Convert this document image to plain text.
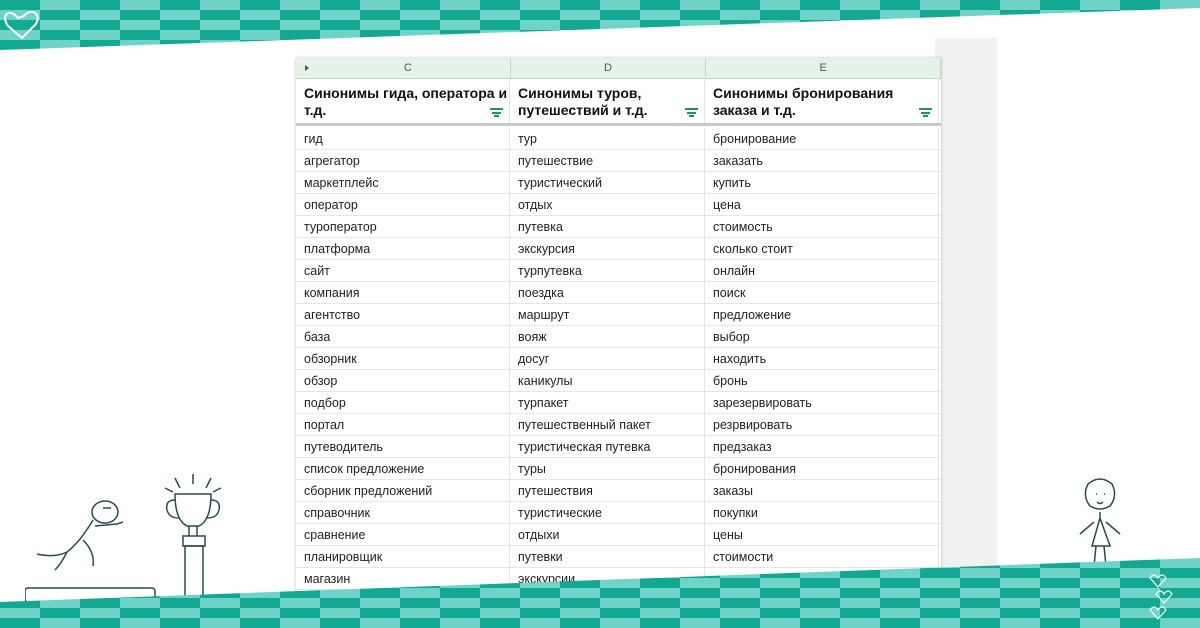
C	D	E
Синонимы гида, оператора и т.д.
Синонимы туров, путешествий и т.д.
Синонимы бронирования заказа и т.д.
гид	тур	бронирование
агрегатор	путешествие	заказать
маркетплейс	туристический	купить
оператор	отдых	цена
туроператор	путевка	стоимость
платформа	экскурсия	сколько стоит
сайт	турпутевка	онлайн
компания	поездка	поиск
агентство	маршрут	предложение
база	вояж	выбор
обзорник	досуг	находить
обзор	каникулы	бронь
подбор	турпакет	зарезервировать
портал	путешественный пакет	резрвировать
путеводитель	туристическая путевка	предзаказ
список предложение	туры	бронирования
сборник предложений	путешествия	заказы
справочник	туристические	покупки
сравнение	отдыхи	цены
планировщик	путевки	стоимости
магазин	экскурсии
